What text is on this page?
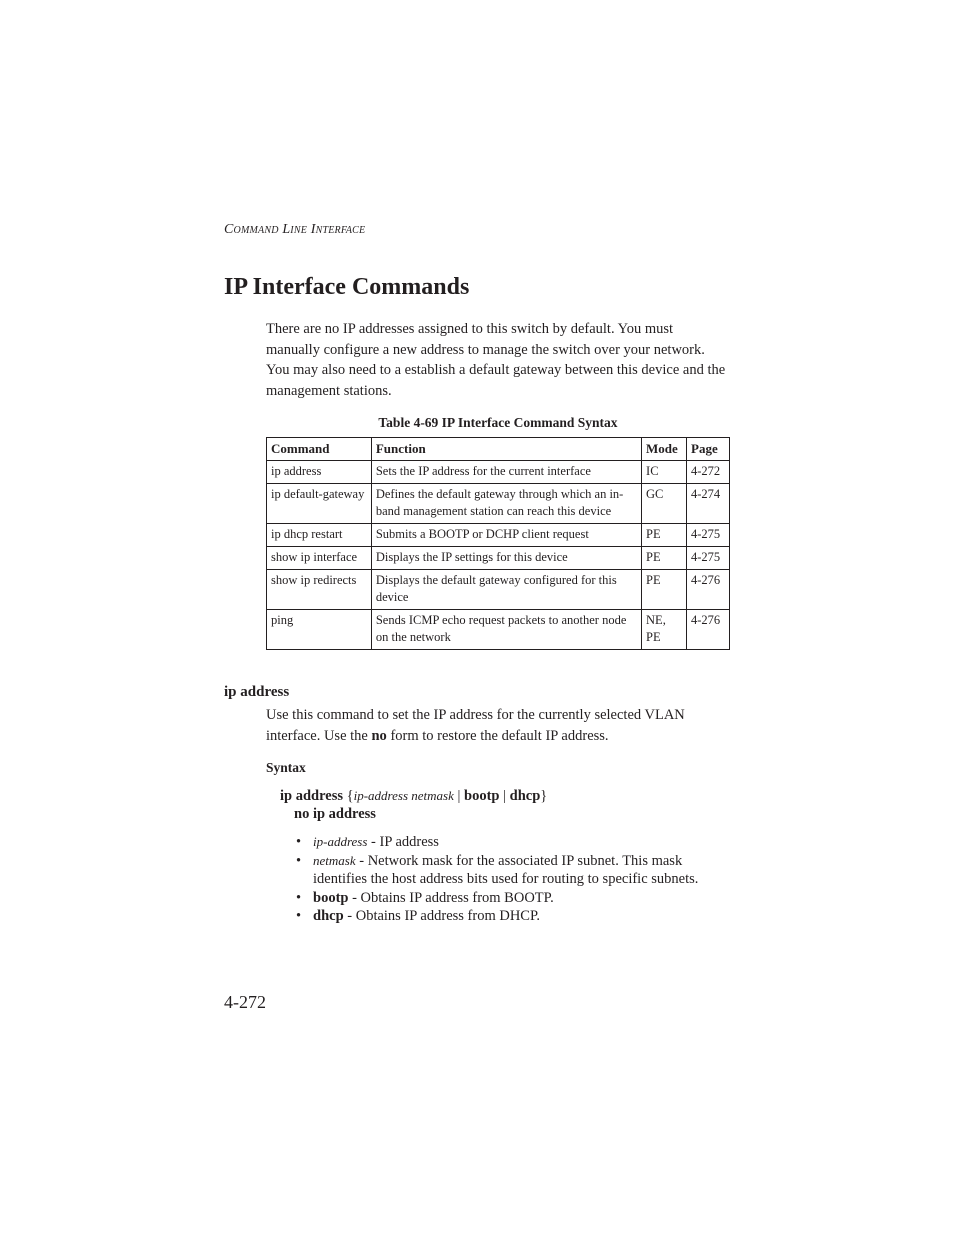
Command Line Interface
IP Interface Commands

There are no IP addresses assigned to this switch by default. You must manually configure a new address to manage the switch over your network. You may also need to a establish a default gateway between this device and the management stations.

Table 4-69 IP Interface Command Syntax
Command	Function	Mode	Page
ip address	Sets the IP address for the current interface	IC	4-272
ip default-gateway	Defines the default gateway through which an in-band management station can reach this device	GC	4-274
ip dhcp restart	Submits a BOOTP or DCHP client request	PE	4-275
show ip interface	Displays the IP settings for this device	PE	4-275
show ip redirects	Displays the default gateway configured for this device	PE	4-276
ping	Sends ICMP echo request packets to another node on the network	NE, PE	4-276
ip address

Use this command to set the IP address for the currently selected VLAN interface. Use the no form to restore the default IP address.

Syntax
ip address {ip-address netmask | bootp | dhcp}
no ip address
• ip-address - IP address
• netmask - Network mask for the associated IP subnet. This mask identifies the host address bits used for routing to specific subnets.
• bootp - Obtains IP address from BOOTP.
• dhcp - Obtains IP address from DHCP.
4-272
